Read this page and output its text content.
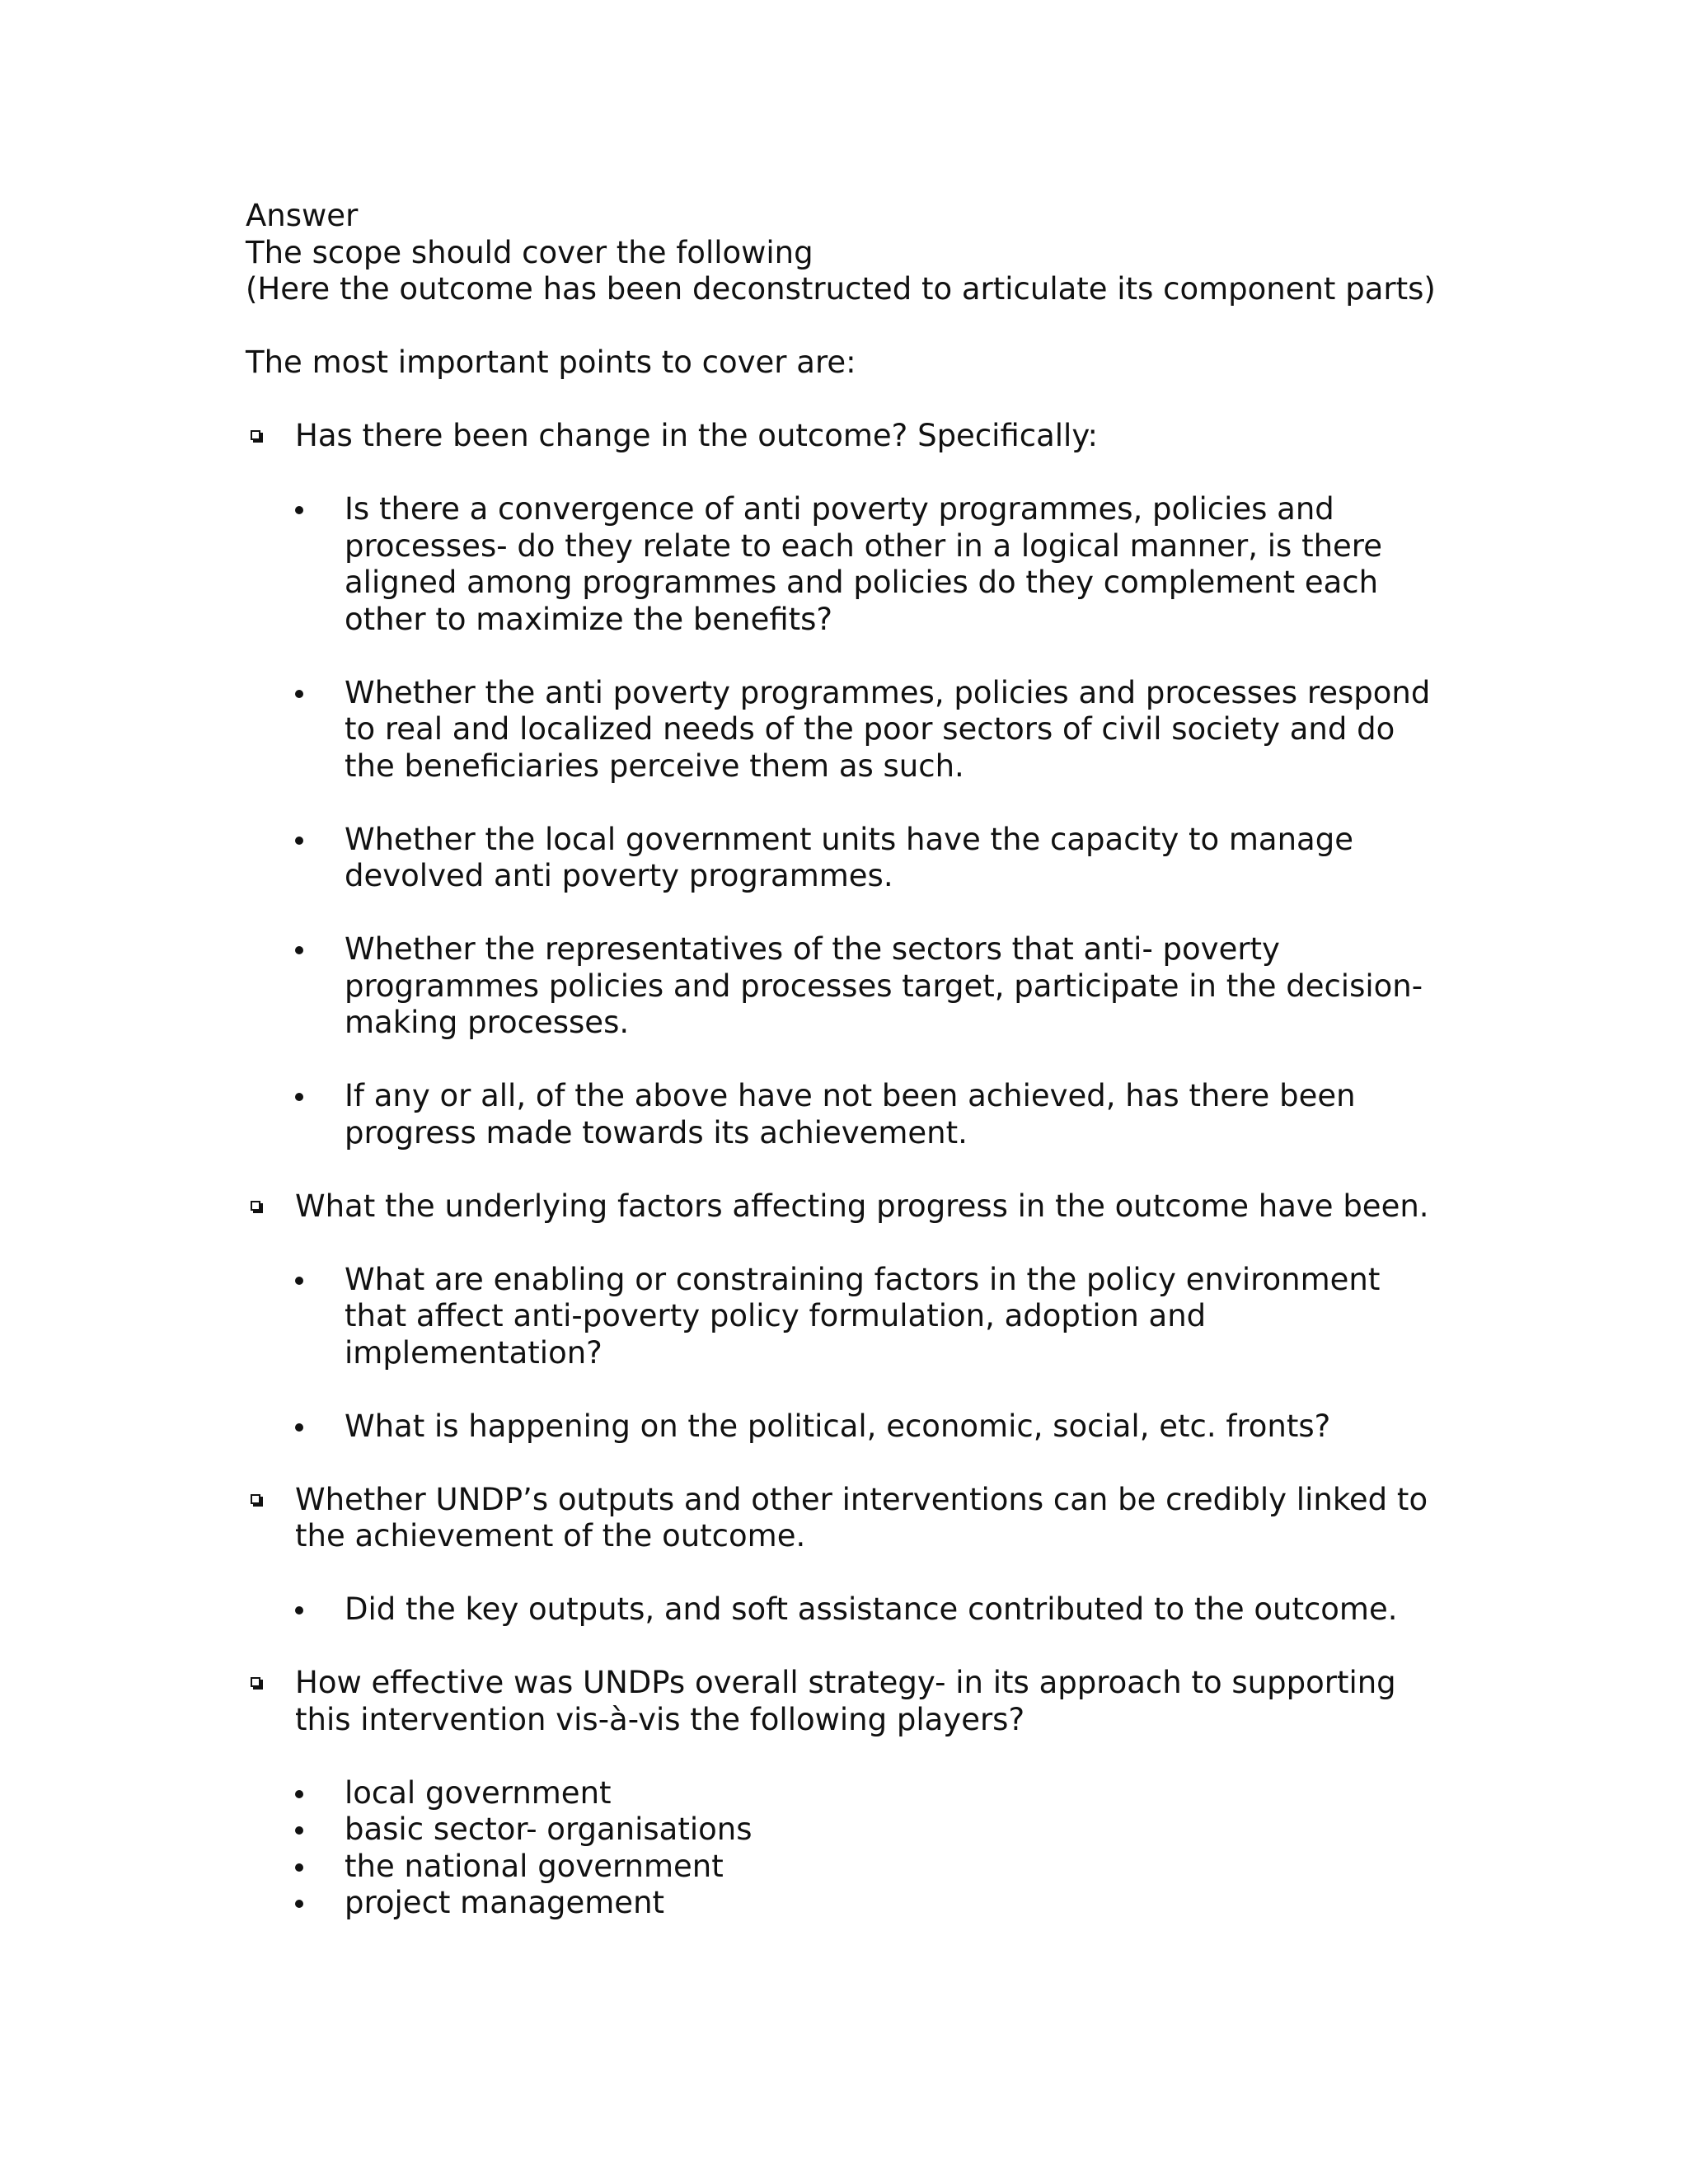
Answer
The scope should cover the following
(Here the outcome has been deconstructed to articulate its component parts)
The most important points to cover are:
Has there been change in the outcome? Specifically:
Is there a convergence of anti poverty programmes, policies and
processes- do they relate to each other in a logical manner, is there
aligned among programmes and policies do they complement each
other to maximize the benefits?
Whether the anti poverty programmes, policies and processes respond
to real and localized needs of the poor sectors of civil society and do
the beneficiaries perceive them as such.
Whether the local government units have the capacity to manage
devolved anti poverty programmes.
Whether the representatives of the sectors that anti- poverty
programmes policies and processes target, participate in the decision-
making processes.
If any or all, of the above have not been achieved, has there been
progress made towards its achievement.
What the underlying factors affecting progress in the outcome have been.
What are enabling or constraining factors in the policy environment
that affect anti-poverty policy formulation, adoption and
implementation?
What is happening on the political, economic, social, etc. fronts?
Whether UNDP’s outputs and other interventions can be credibly linked to
the achievement of the outcome.
Did the key outputs, and soft assistance contributed to the outcome.
How effective was UNDPs overall strategy- in its approach to supporting
this intervention vis-à-vis the following players?
local government
basic sector- organisations
the national government
project management
